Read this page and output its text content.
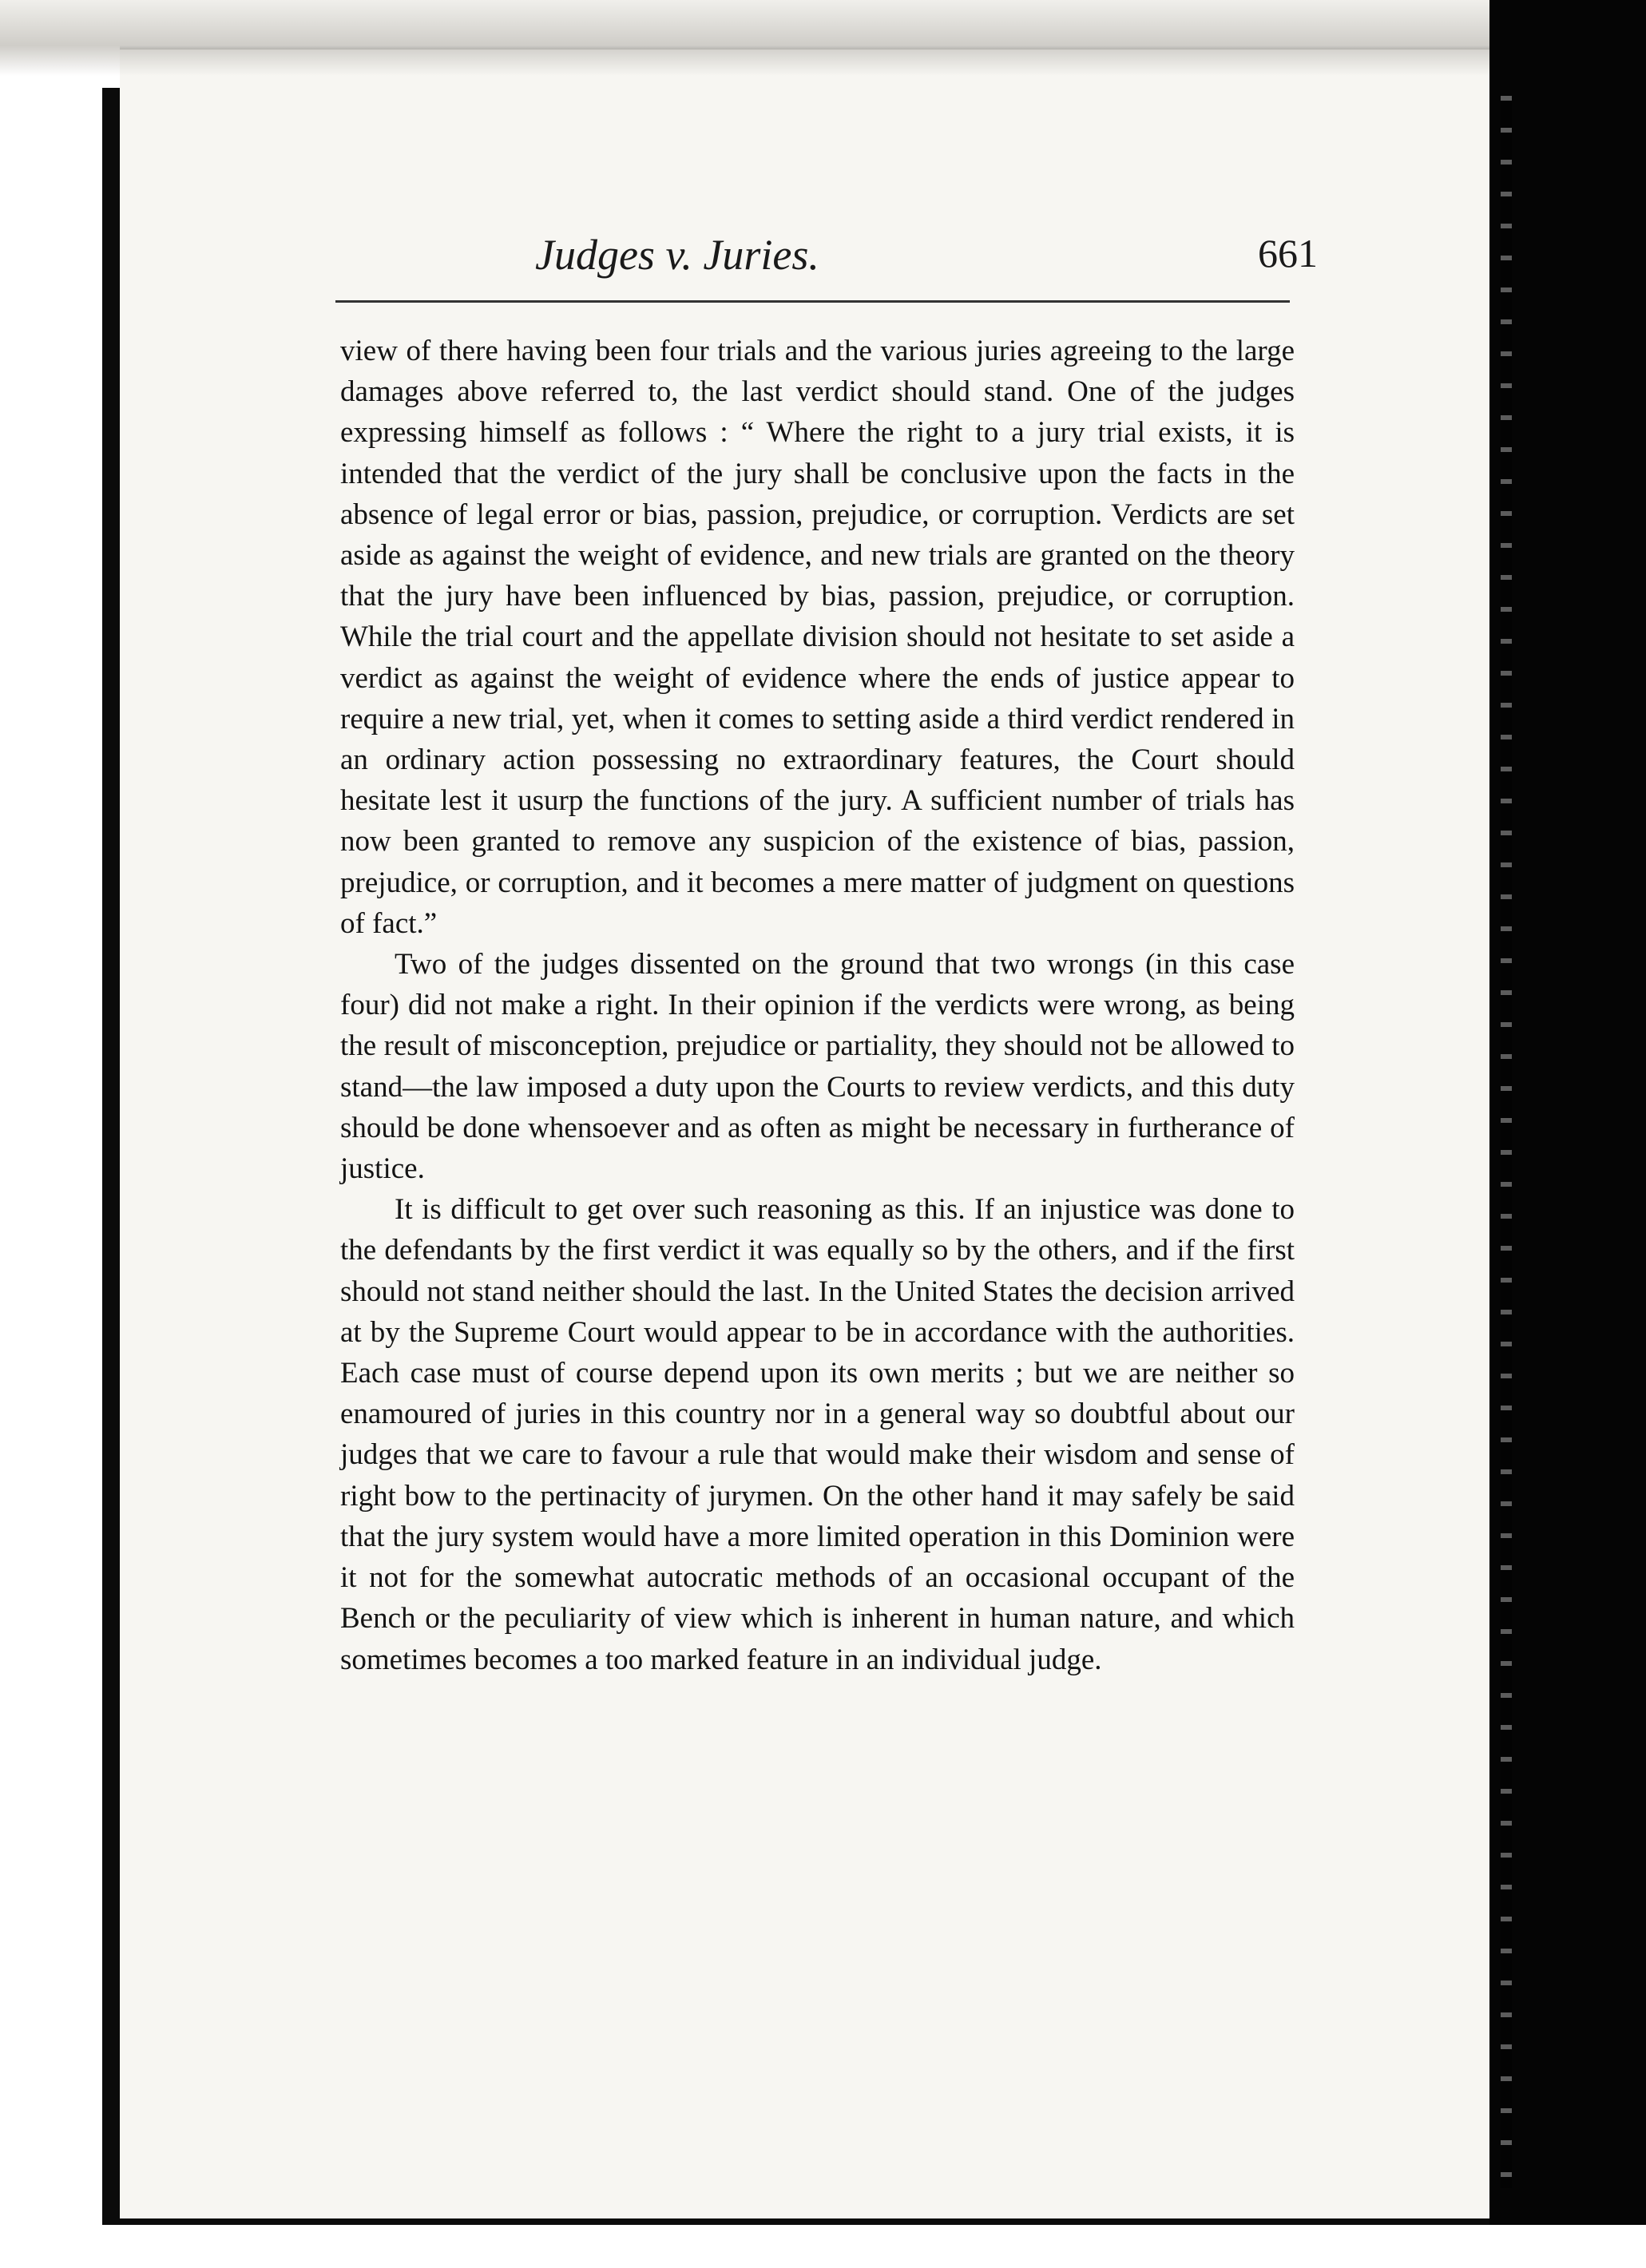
Judges v. Juries.	661

view of there having been four trials and the various juries agreeing to the large damages above referred to, the last verdict should stand. One of the judges expressing himself as follows : “ Where the right to a jury trial exists, it is intended that the verdict of the jury shall be conclusive upon the facts in the absence of legal error or bias, passion, prejudice, or corruption. Verdicts are set aside as against the weight of evidence, and new trials are granted on the theory that the jury have been influenced by bias, passion, prejudice, or corruption. While the trial court and the appellate division should not hesitate to set aside a verdict as against the weight of evidence where the ends of justice appear to require a new trial, yet, when it comes to setting aside a third verdict rendered in an ordinary action possessing no extraordinary features, the Court should hesitate lest it usurp the functions of the jury. A sufficient number of trials has now been granted to remove any suspicion of the existence of bias, passion, prejudice, or corruption, and it becomes a mere matter of judgment on questions of fact.”

Two of the judges dissented on the ground that two wrongs (in this case four) did not make a right. In their opinion if the verdicts were wrong, as being the result of misconception, prejudice or partiality, they should not be allowed to stand—the law imposed a duty upon the Courts to review verdicts, and this duty should be done whensoever and as often as might be necessary in furtherance of justice.

It is difficult to get over such reasoning as this. If an injustice was done to the defendants by the first verdict it was equally so by the others, and if the first should not stand neither should the last. In the United States the decision arrived at by the Supreme Court would appear to be in accordance with the authorities. Each case must of course depend upon its own merits ; but we are neither so enamoured of juries in this country nor in a general way so doubtful about our judges that we care to favour a rule that would make their wisdom and sense of right bow to the pertinacity of jurymen. On the other hand it may safely be said that the jury system would have a more limited operation in this Dominion were it not for the somewhat autocratic methods of an occasional occupant of the Bench or the peculiarity of view which is inherent in human nature, and which sometimes becomes a too marked feature in an individual judge.
